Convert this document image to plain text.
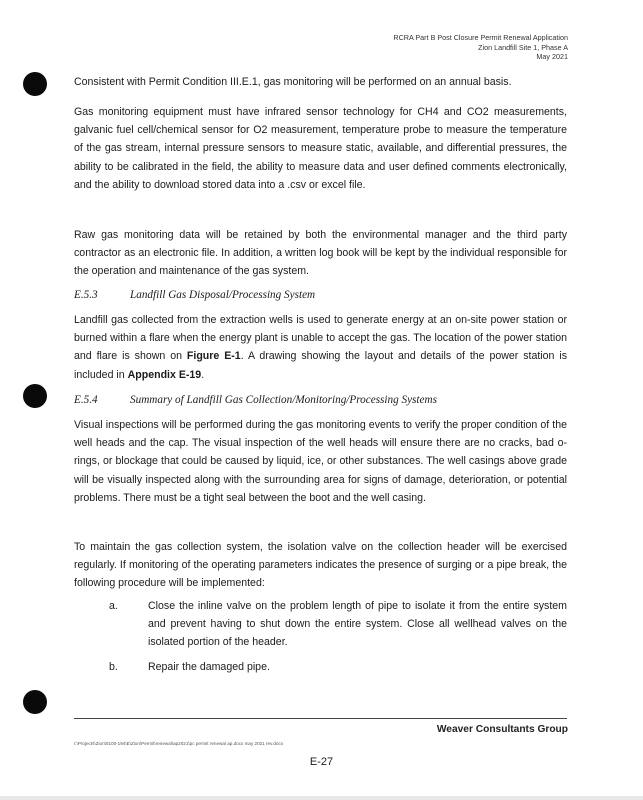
RCRA Part B Post Closure Permit Renewal Application
Zion Landfill Site 1, Phase A
May 2021
Consistent with Permit Condition III.E.1, gas monitoring will be performed on an annual basis.
Gas monitoring equipment must have infrared sensor technology for CH4 and CO2 measurements, galvanic fuel cell/chemical sensor for O2 measurement, temperature probe to measure the temperature of the gas stream, internal pressure sensors to measure static, available, and differential pressures, the ability to be calibrated in the field, the ability to measure data and user defined comments electronically, and the ability to download stored data into a .csv or excel file.
Raw gas monitoring data will be retained by both the environmental manager and the third party contractor as an electronic file. In addition, a written log book will be kept by the individual responsible for the operation and maintenance of the gas system.
E.5.3	Landfill Gas Disposal/Processing System
Landfill gas collected from the extraction wells is used to generate energy at an on-site power station or burned within a flare when the energy plant is unable to accept the gas. The location of the power station and flare is shown on Figure E-1. A drawing showing the layout and details of the power station is included in Appendix E-19.
E.5.4	Summary of Landfill Gas Collection/Monitoring/Processing Systems
Visual inspections will be performed during the gas monitoring events to verify the proper condition of the well heads and the cap. The visual inspection of the well heads will ensure there are no cracks, bad o-rings, or blockage that could be caused by liquid, ice, or other substances. The well casings above grade will be visually inspected along with the surrounding area for signs of damage, deterioration, or potential problems. There must be a tight seal between the boot and the well casing.
To maintain the gas collection system, the isolation valve on the collection header will be exercised regularly. If monitoring of the operating parameters indicates the presence of surging or a pipe break, the following procedure will be implemented:
a.	Close the inline valve on the problem length of pipe to isolate it from the entire system and prevent having to shut down the entire system. Close all wellhead valves on the isolated portion of the header.
b.	Repair the damaged pipe.
Weaver Consultants Group
I:\Projects\Zion\0100-194\E\Zion\Permit\renewal\ap2021\pc permit renewal ap.docx may 2021 rev.docx
E-27
